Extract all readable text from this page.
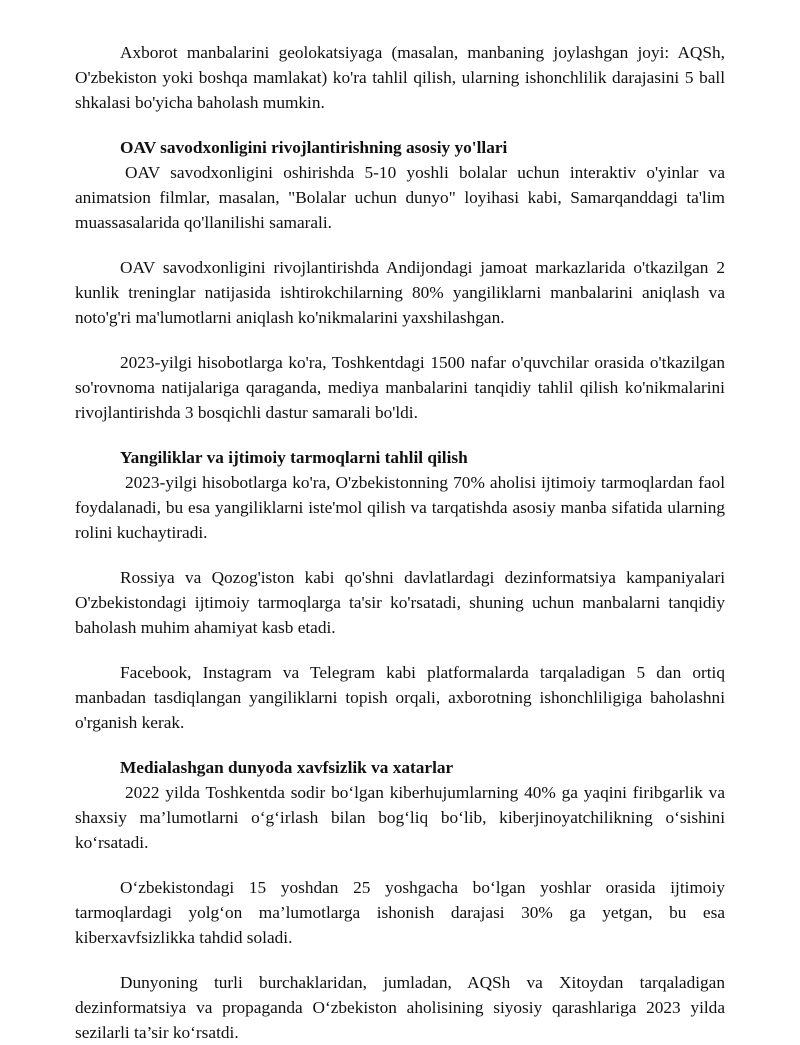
Axborot manbalarini geolokatsiyaga (masalan, manbaning joylashgan joyi: AQSh, O'zbekiston yoki boshqa mamlakat) ko'ra tahlil qilish, ularning ishonchlilik darajasini 5 ball shkalasi bo'yicha baholash mumkin.

OAV savodxonligini rivojlantirishning asosiy yo'llari

OAV savodxonligini oshirishda 5-10 yoshli bolalar uchun interaktiv o'yinlar va animatsion filmlar, masalan, "Bolalar uchun dunyo" loyihasi kabi, Samarqanddagi ta'lim muassasalarida qo'llanilishi samarali.

OAV savodxonligini rivojlantirishda Andijondagi jamoat markazlarida o'tkazilgan 2 kunlik treninglar natijasida ishtirokchilarning 80% yangiliklarni manbalarini aniqlash va noto'g'ri ma'lumotlarni aniqlash ko'nikmalarini yaxshilashgan.

2023-yilgi hisobotlarga ko'ra, Toshkentdagi 1500 nafar o'quvchilar orasida o'tkazilgan so'rovnoma natijalariga qaraganda, mediya manbalarini tanqidiy tahlil qilish ko'nikmalarini rivojlantirishda 3 bosqichli dastur samarali bo'ldi.

Yangiliklar va ijtimoiy tarmoqlarni tahlil qilish

2023-yilgi hisobotlarga ko'ra, O'zbekistonning 70% aholisi ijtimoiy tarmoqlardan faol foydalanadi, bu esa yangiliklarni iste'mol qilish va tarqatishda asosiy manba sifatida ularning rolini kuchaytiradi.

Rossiya va Qozog'iston kabi qo'shni davlatlardagi dezinformatsiya kampaniyalari O'zbekistondagi ijtimoiy tarmoqlarga ta'sir ko'rsatadi, shuning uchun manbalarni tanqidiy baholash muhim ahamiyat kasb etadi.

Facebook, Instagram va Telegram kabi platformalarda tarqaladigan 5 dan ortiq manbadan tasdiqlangan yangiliklarni topish orqali, axborotning ishonchliligiga baholashni o'rganish kerak.

Medialashgan dunyoda xavfsizlik va xatarlar

2022 yilda Toshkentda sodir bo‘lgan kiberhujumlarning 40% ga yaqini firibgarlik va shaxsiy ma’lumotlarni o‘g‘irlash bilan bog‘liq bo‘lib, kiberjinoyatchilikning o‘sishini ko‘rsatadi.

O‘zbekistondagi 15 yoshdan 25 yoshgacha bo‘lgan yoshlar orasida ijtimoiy tarmoqlardagi yolg‘on ma’lumotlarga ishonish darajasi 30% ga yetgan, bu esa kiberxavfsizlikka tahdid soladi.

Dunyoning turli burchaklaridan, jumladan, AQSh va Xitoydan tarqaladigan dezinformatsiya va propaganda O‘zbekiston aholisining siyosiy qarashlariga 2023 yilda sezilarli ta’sir ko‘rsatdi.
